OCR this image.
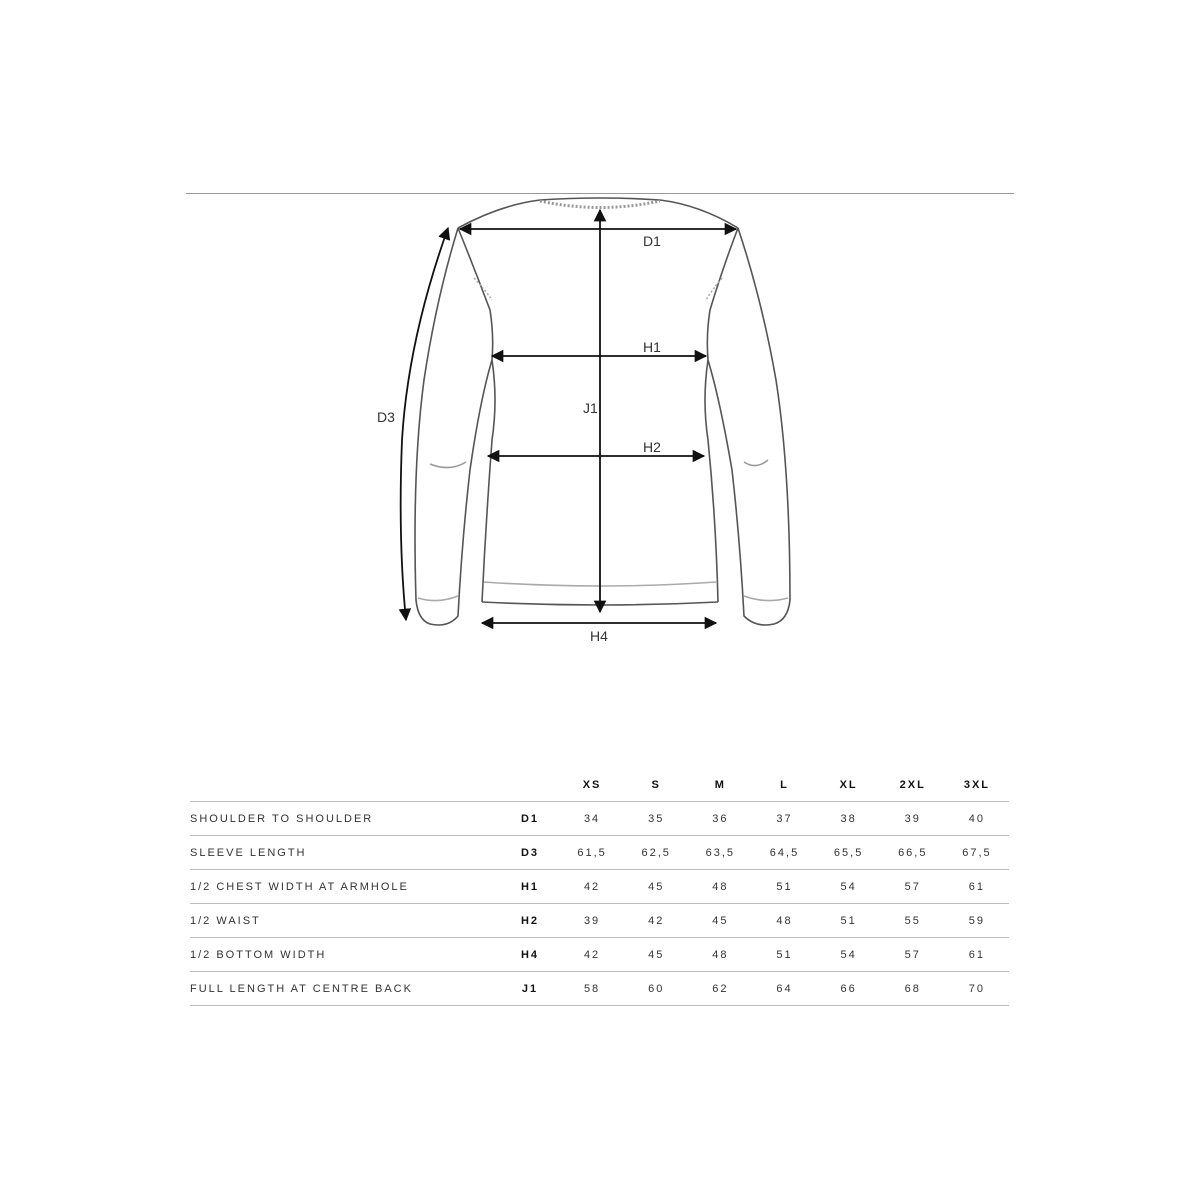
D1
H1
H2
H4
J1
D3
		XS	S	M	L	XL	2XL	3XL
SHOULDER TO SHOULDER	D1	34	35	36	37	38	39	40
SLEEVE LENGTH	D3	61,5	62,5	63,5	64,5	65,5	66,5	67,5
1/2 CHEST WIDTH AT ARMHOLE	H1	42	45	48	51	54	57	61
1/2 WAIST	H2	39	42	45	48	51	55	59
1/2 BOTTOM WIDTH	H4	42	45	48	51	54	57	61
FULL LENGTH AT CENTRE BACK	J1	58	60	62	64	66	68	70
